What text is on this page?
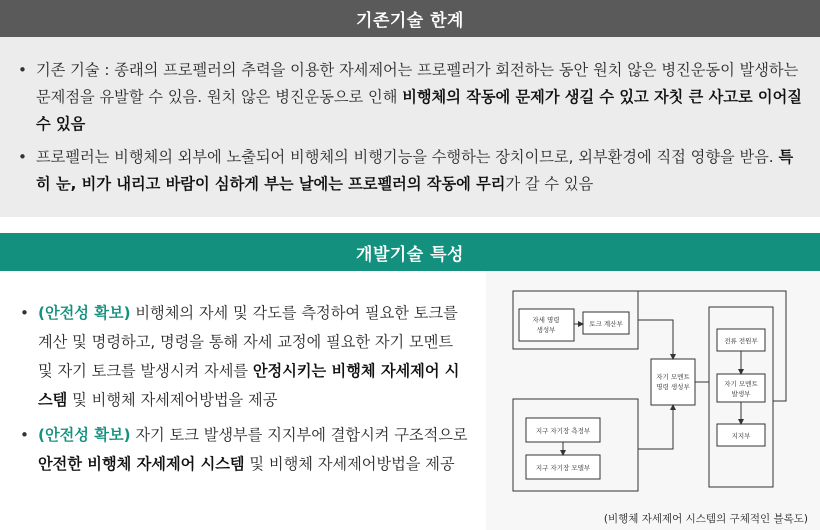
기존기술 한계
• 기존 기술 : 종래의 프로펠러의 추력을 이용한 자세제어는 프로펠러가 회전하는 동안 원치 않은 병진운동이 발생하는 문제점을 유발할 수 있음. 원치 않은 병진운동으로 인해 비행체의 작동에 문제가 생길 수 있고 자칫 큰 사고로 이어질 수 있음
• 프로펠러는 비행체의 외부에 노출되어 비행체의 비행기능을 수행하는 장치이므로, 외부환경에 직접 영향을 받음. 특히 눈, 비가 내리고 바람이 심하게 부는 날에는 프로펠러의 작동에 무리가 갈 수 있음
개발기술 특성
• (안전성 확보) 비행체의 자세 및 각도를 측정하여 필요한 토크를 계산 및 명령하고, 명령을 통해 자세 교정에 필요한 자기 모멘트 및 자기 토크를 발생시켜 자세를 안정시키는 비행체 자세제어 시스템 및 비행체 자세제어방법을 제공
• (안전성 확보) 자기 토크 발생부를 지지부에 결합시켜 구조적으로 안전한 비행체 자세제어 시스템 및 비행체 자세제어방법을 제공
자세 명령
생성부
토크 계산부
자기 모멘트
명령 생성부
전류 전원부
자기 모멘트
발생부
지지부
지구 자기장 측정부
지구 자기장 모델부
(비행체 자세제어 시스템의 구체적인 블록도)
